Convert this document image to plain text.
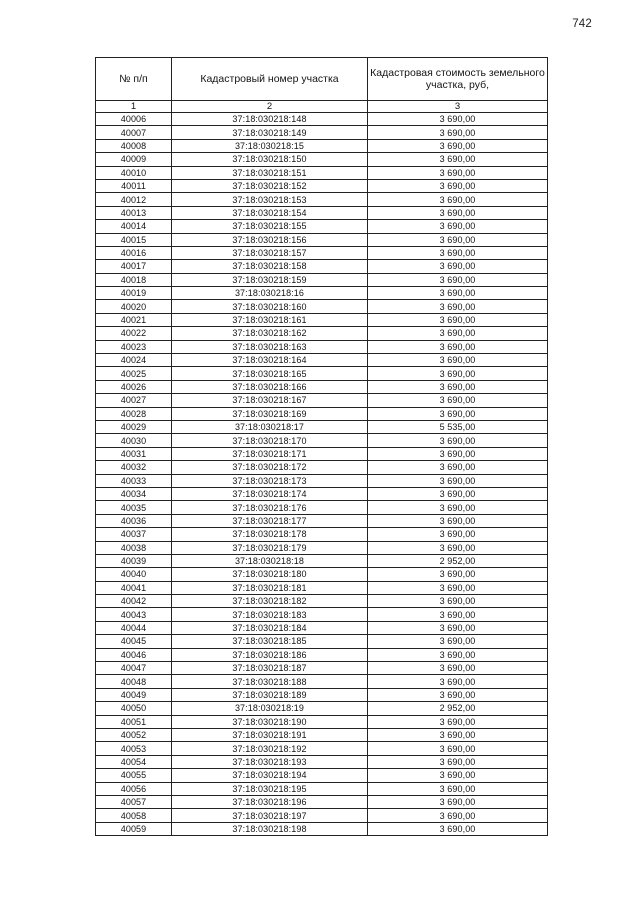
742
№ п/п	Кадастровый номер участка	Кадастровая стоимость земельного участка, руб,
1	2	3
40006	37:18:030218:148	3 690,00
40007	37:18:030218:149	3 690,00
40008	37:18:030218:15	3 690,00
40009	37:18:030218:150	3 690,00
40010	37:18:030218:151	3 690,00
40011	37:18:030218:152	3 690,00
40012	37:18:030218:153	3 690,00
40013	37:18:030218:154	3 690,00
40014	37:18:030218:155	3 690,00
40015	37:18:030218:156	3 690,00
40016	37:18:030218:157	3 690,00
40017	37:18:030218:158	3 690,00
40018	37:18:030218:159	3 690,00
40019	37:18:030218:16	3 690,00
40020	37:18:030218:160	3 690,00
40021	37:18:030218:161	3 690,00
40022	37:18:030218:162	3 690,00
40023	37:18:030218:163	3 690,00
40024	37:18:030218:164	3 690,00
40025	37:18:030218:165	3 690,00
40026	37:18:030218:166	3 690,00
40027	37:18:030218:167	3 690,00
40028	37:18:030218:169	3 690,00
40029	37:18:030218:17	5 535,00
40030	37:18:030218:170	3 690,00
40031	37:18:030218:171	3 690,00
40032	37:18:030218:172	3 690,00
40033	37:18:030218:173	3 690,00
40034	37:18:030218:174	3 690,00
40035	37:18:030218:176	3 690,00
40036	37:18:030218:177	3 690,00
40037	37:18:030218:178	3 690,00
40038	37:18:030218:179	3 690,00
40039	37:18:030218:18	2 952,00
40040	37:18:030218:180	3 690,00
40041	37:18:030218:181	3 690,00
40042	37:18:030218:182	3 690,00
40043	37:18:030218:183	3 690,00
40044	37:18:030218:184	3 690,00
40045	37:18:030218:185	3 690,00
40046	37:18:030218:186	3 690,00
40047	37:18:030218:187	3 690,00
40048	37:18:030218:188	3 690,00
40049	37:18:030218:189	3 690,00
40050	37:18:030218:19	2 952,00
40051	37:18:030218:190	3 690,00
40052	37:18:030218:191	3 690,00
40053	37:18:030218:192	3 690,00
40054	37:18:030218:193	3 690,00
40055	37:18:030218:194	3 690,00
40056	37:18:030218:195	3 690,00
40057	37:18:030218:196	3 690,00
40058	37:18:030218:197	3 690,00
40059	37:18:030218:198	3 690,00
